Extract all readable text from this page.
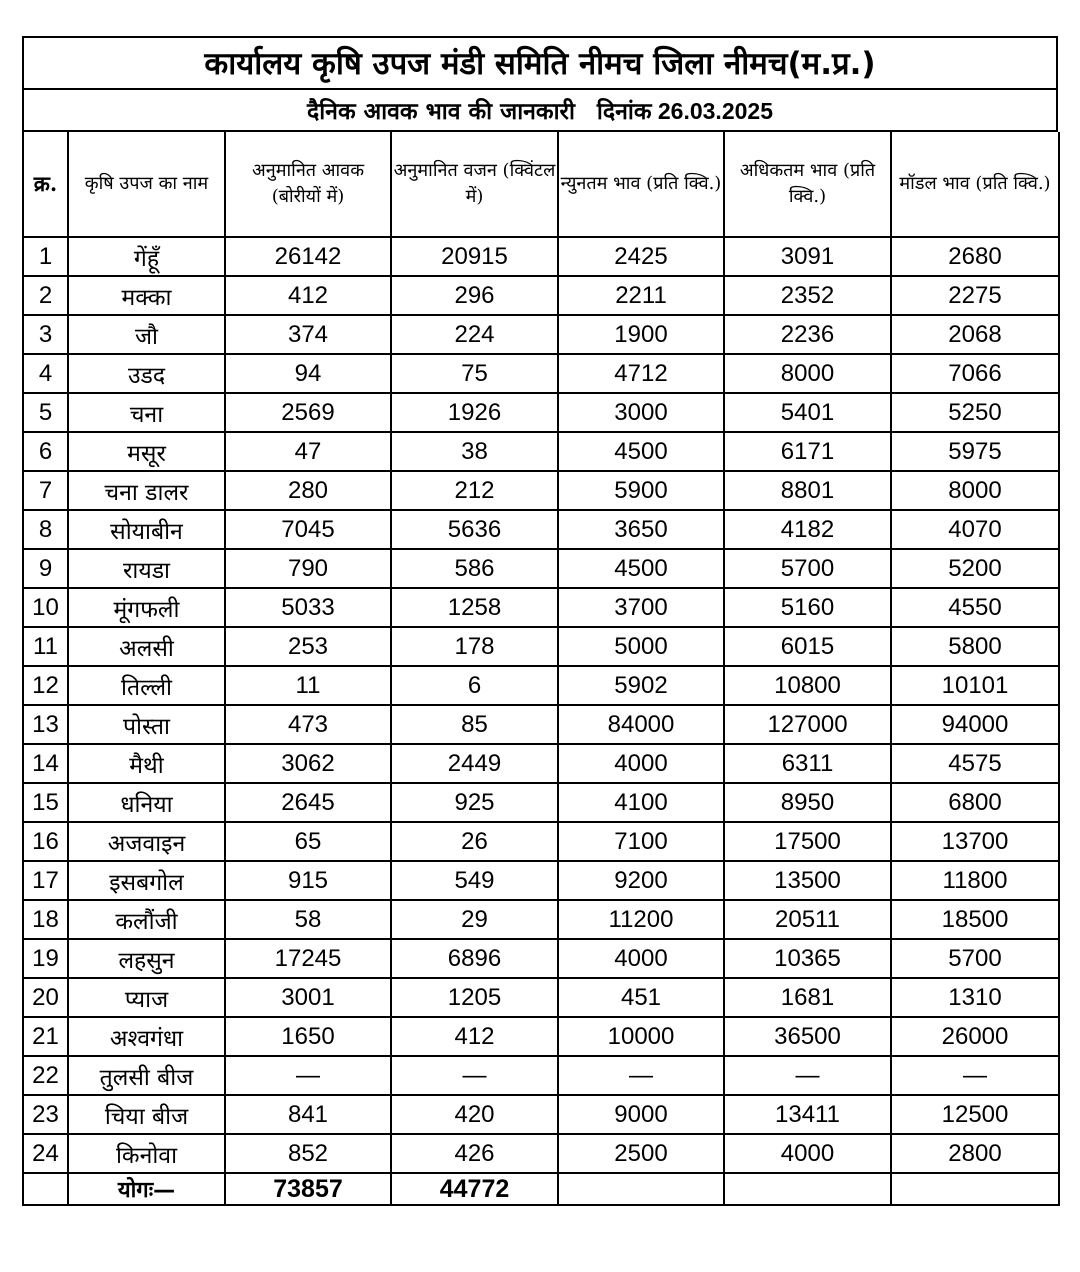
कार्यालय कृषि उपज मंडी समिति नीमच जिला नीमच(म.प्र.)
दैनिक आवक भाव की जानकारी दिनांक 26.03.2025
क्र.	कृषि उपज का नाम	अनुमानित आवक (बोरीयों में)	अनुमानित वजन (क्विंटल में)	न्युनतम भाव (प्रति क्वि.)	अधिकतम भाव (प्रति क्वि.)	मॉडल भाव (प्रति क्वि.)
1	गेंहूँ	26142	20915	2425	3091	2680
2	मक्का	412	296	2211	2352	2275
3	जौ	374	224	1900	2236	2068
4	उडद	94	75	4712	8000	7066
5	चना	2569	1926	3000	5401	5250
6	मसूर	47	38	4500	6171	5975
7	चना डालर	280	212	5900	8801	8000
8	सोयाबीन	7045	5636	3650	4182	4070
9	रायडा	790	586	4500	5700	5200
10	मूंगफली	5033	1258	3700	5160	4550
11	अलसी	253	178	5000	6015	5800
12	तिल्ली	11	6	5902	10800	10101
13	पोस्ता	473	85	84000	127000	94000
14	मैथी	3062	2449	4000	6311	4575
15	धनिया	2645	925	4100	8950	6800
16	अजवाइन	65	26	7100	17500	13700
17	इसबगोल	915	549	9200	13500	11800
18	कलौंजी	58	29	11200	20511	18500
19	लहसुन	17245	6896	4000	10365	5700
20	प्याज	3001	1205	451	1681	1310
21	अश्वगंधा	1650	412	10000	36500	26000
22	तुलसी बीज	—	—	—	—	—
23	चिया बीज	841	420	9000	13411	12500
24	किनोवा	852	426	2500	4000	2800
	योगः—	73857	44772			
